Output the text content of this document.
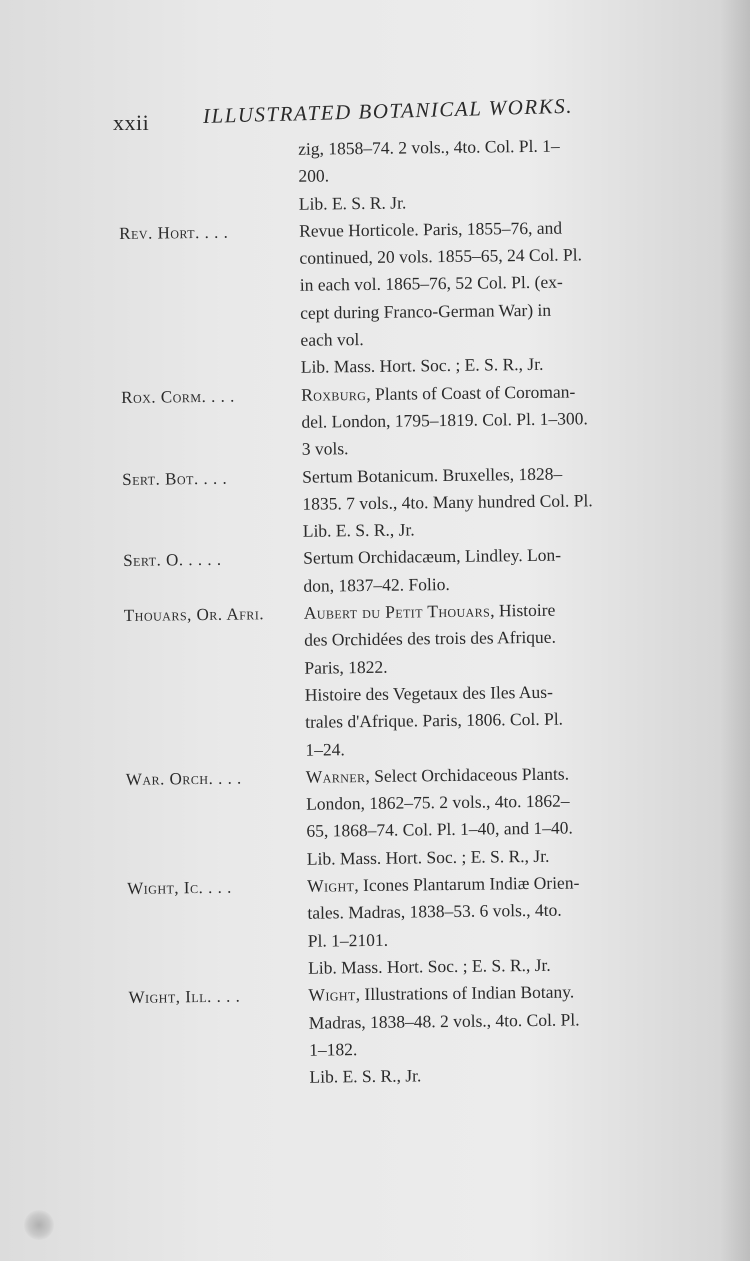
xxii	ILLUSTRATED BOTANICAL WORKS.
zig, 1858–74. 2 vols., 4to. Col. Pl. 1–
200.
Lib. E. S. R. Jr.
Rev. Hort. . . .	Revue Horticole. Paris, 1855–76, and
continued, 20 vols. 1855–65, 24 Col. Pl.
in each vol. 1865–76, 52 Col. Pl. (ex-
cept during Franco-German War) in
each vol.
Lib. Mass. Hort. Soc. ; E. S. R., Jr.
Rox. Corm. . . .	Roxburg, Plants of Coast of Coroman-
del. London, 1795–1819. Col. Pl. 1–300.
3 vols.
Sert. Bot. . . .	Sertum Botanicum. Bruxelles, 1828–
1835. 7 vols., 4to. Many hundred Col. Pl.
Lib. E. S. R., Jr.
Sert. O. . . . .	Sertum Orchidacæum, Lindley. Lon-
don, 1837–42. Folio.
Thouars, Or. Afri.	Aubert du Petit Thouars, Histoire
des Orchidées des trois des Afrique.
Paris, 1822.
Histoire des Vegetaux des Iles Aus-
trales d'Afrique. Paris, 1806. Col. Pl.
1–24.
War. Orch. . . .	Warner, Select Orchidaceous Plants.
London, 1862–75. 2 vols., 4to. 1862–
65, 1868–74. Col. Pl. 1–40, and 1–40.
Lib. Mass. Hort. Soc. ; E. S. R., Jr.
Wight, Ic. . . .	Wight, Icones Plantarum Indiæ Orien-
tales. Madras, 1838–53. 6 vols., 4to.
Pl. 1–2101.
Lib. Mass. Hort. Soc. ; E. S. R., Jr.
Wight, Ill. . . .	Wight, Illustrations of Indian Botany.
Madras, 1838–48. 2 vols., 4to. Col. Pl.
1–182.
Lib. E. S. R., Jr.
